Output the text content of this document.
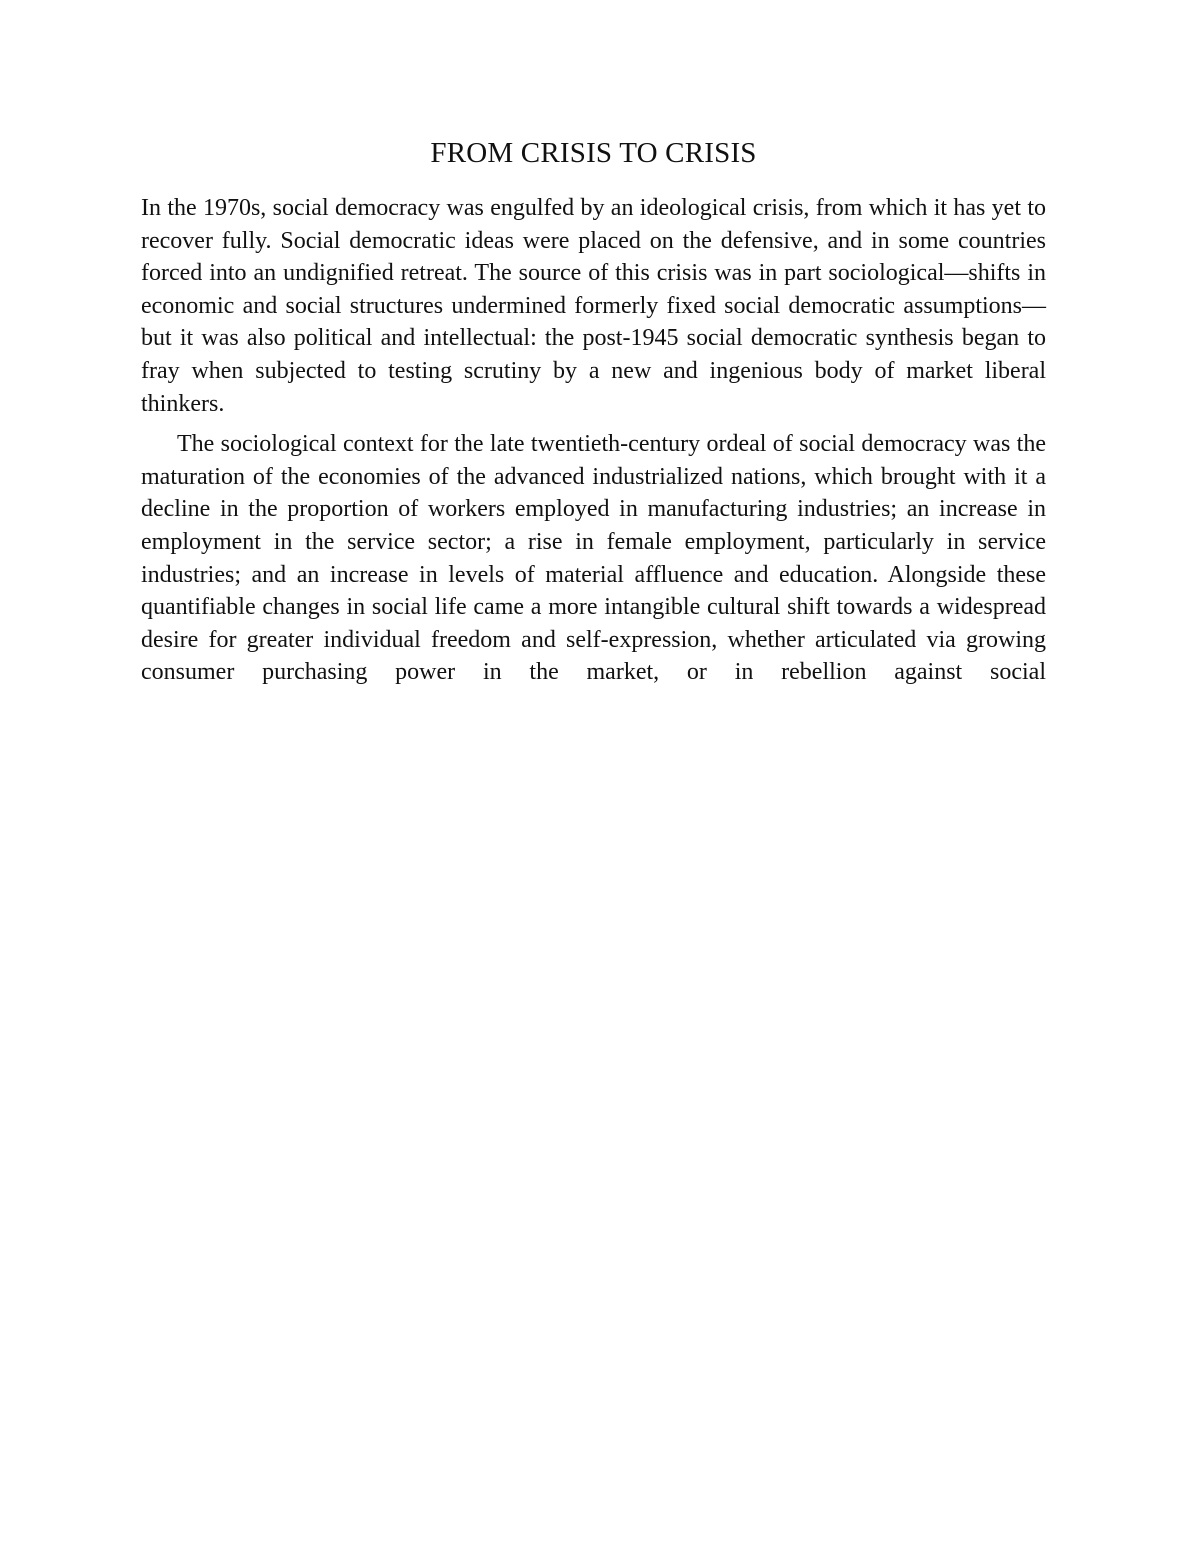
FROM CRISIS TO CRISIS

In the 1970s, social democracy was engulfed by an ideological crisis, from which it has yet to recover fully. Social democratic ideas were placed on the defensive, and in some countries forced into an undignified retreat. The source of this crisis was in part sociological—shifts in economic and social structures undermined formerly fixed social democratic assumptions—but it was also political and intellectual: the post-1945 social democratic synthesis began to fray when subjected to testing scrutiny by a new and ingenious body of market liberal thinkers.

The sociological context for the late twentieth-century ordeal of social democracy was the maturation of the economies of the advanced industrialized nations, which brought with it a decline in the proportion of workers employed in manufacturing industries; an increase in employment in the service sector; a rise in female employment, particularly in service industries; and an increase in levels of material affluence and education. Alongside these quantifiable changes in social life came a more intangible cultural shift towards a widespread desire for greater individual freedom and self-expression, whether articulated via growing consumer purchasing power in the market, or in rebellion against social
